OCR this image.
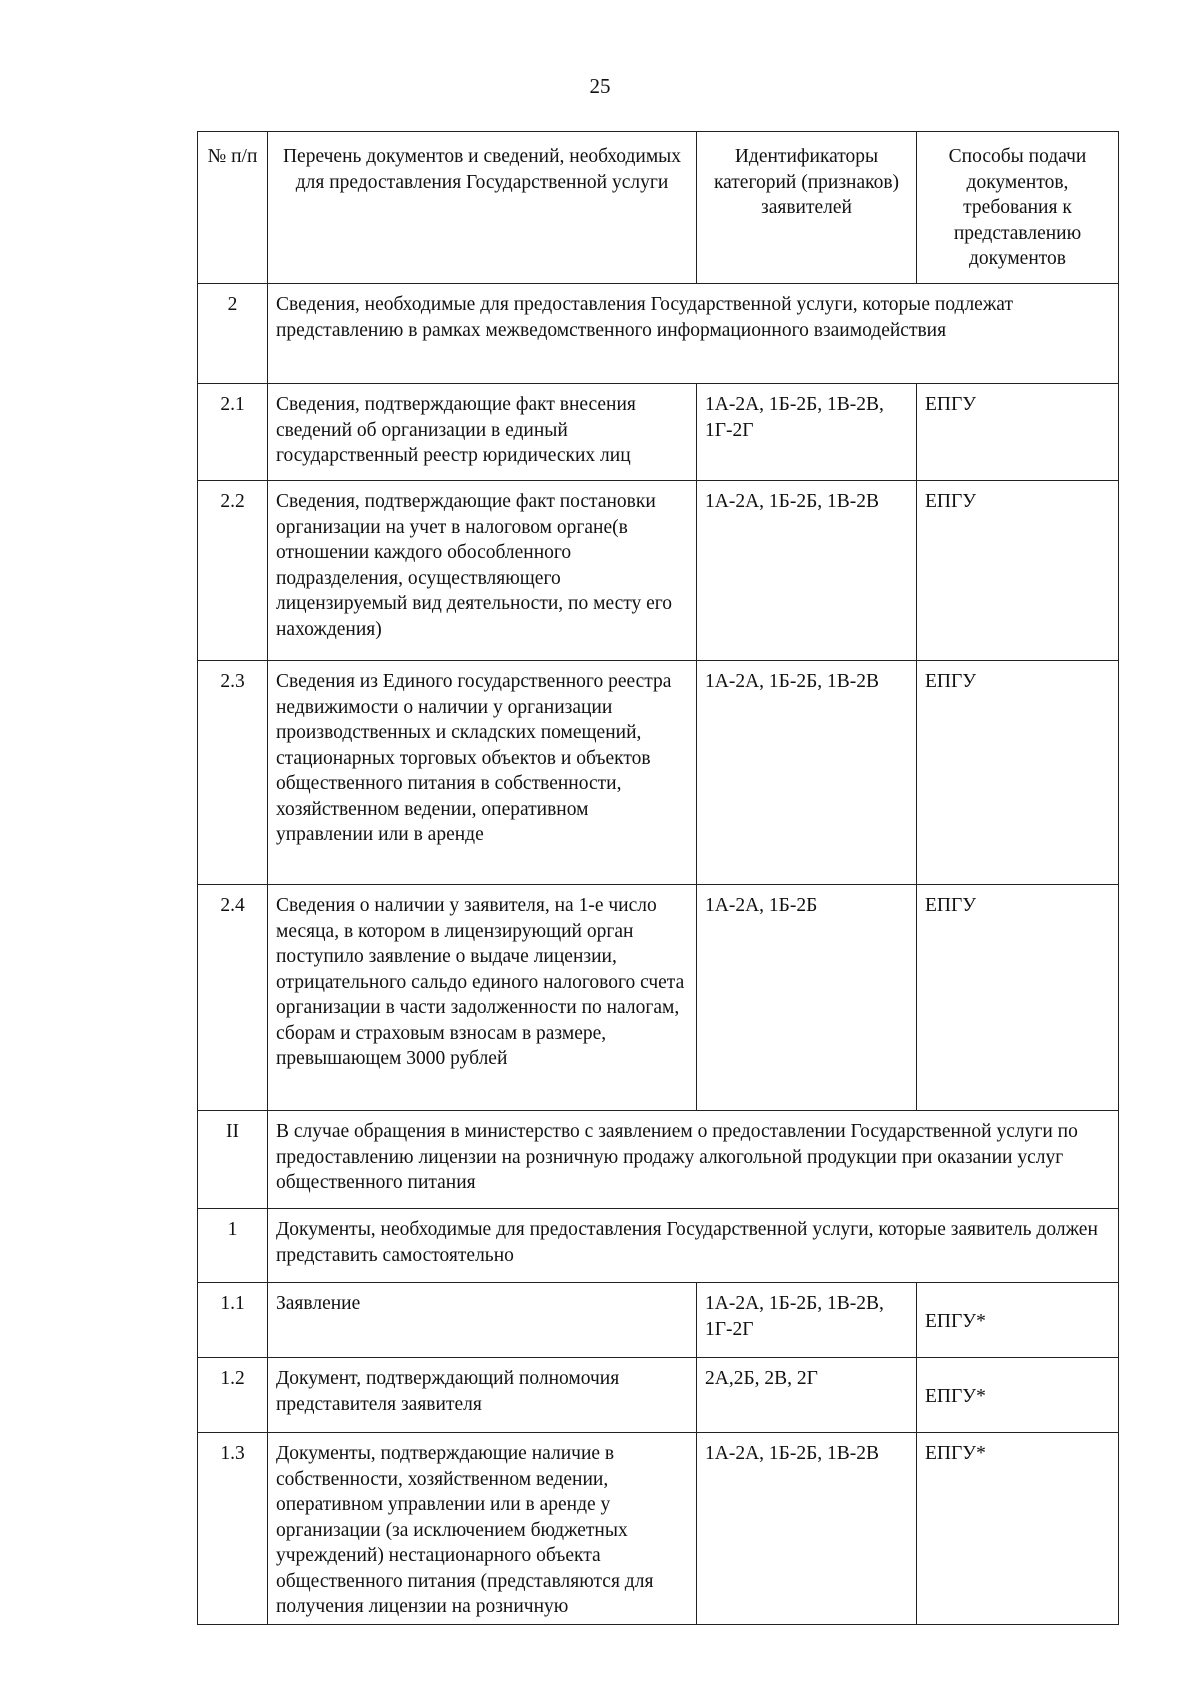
25
№ п/п	Перечень документов и сведений, необходимых для предоставления Государственной услуги	Идентификаторы категорий (признаков) заявителей	Способы подачи документов, требования к представлению документов
2	Сведения, необходимые для предоставления Государственной услуги, которые подлежат представлению в рамках межведомственного информационного взаимодействия		
2.1	Сведения, подтверждающие факт внесения сведений об организации в единый государственный реестр юридических лиц	1А-2А, 1Б-2Б, 1В-2В, 1Г-2Г	ЕПГУ
2.2	Сведения, подтверждающие факт постановки организации на учет в налоговом органе(в отношении каждого обособленного подразделения, осуществляющего лицензируемый вид деятельности, по месту его нахождения)	1А-2А, 1Б-2Б, 1В-2В	ЕПГУ
2.3	Сведения из Единого государственного реестра недвижимости о наличии у организации производственных и складских помещений, стационарных торговых объектов и объектов общественного питания в собственности, хозяйственном ведении, оперативном управлении или в аренде	1А-2А, 1Б-2Б, 1В-2В	ЕПГУ
2.4	Сведения о наличии у заявителя, на 1-е число месяца, в котором в лицензирующий орган поступило заявление о выдаче лицензии, отрицательного сальдо единого налогового счета организации в части задолженности по налогам, сборам и страховым взносам в размере, превышающем 3000 рублей	1А-2А, 1Б-2Б	ЕПГУ
II	В случае обращения в министерство с заявлением о предоставлении Государственной услуги по предоставлению лицензии на розничную продажу алкогольной продукции при оказании услуг общественного питания		
1	Документы, необходимые для предоставления Государственной услуги, которые заявитель должен представить самостоятельно		
1.1	Заявление	1А-2А, 1Б-2Б, 1В-2В, 1Г-2Г	ЕПГУ*
1.2	Документ, подтверждающий полномочия представителя заявителя	2А,2Б, 2В, 2Г	ЕПГУ*
1.3	Документы, подтверждающие наличие в собственности, хозяйственном ведении, оперативном управлении или в аренде у организации (за исключением бюджетных учреждений) нестационарного объекта общественного питания (представляются для получения лицензии на розничную	1А-2А, 1Б-2Б, 1В-2В	ЕПГУ*
